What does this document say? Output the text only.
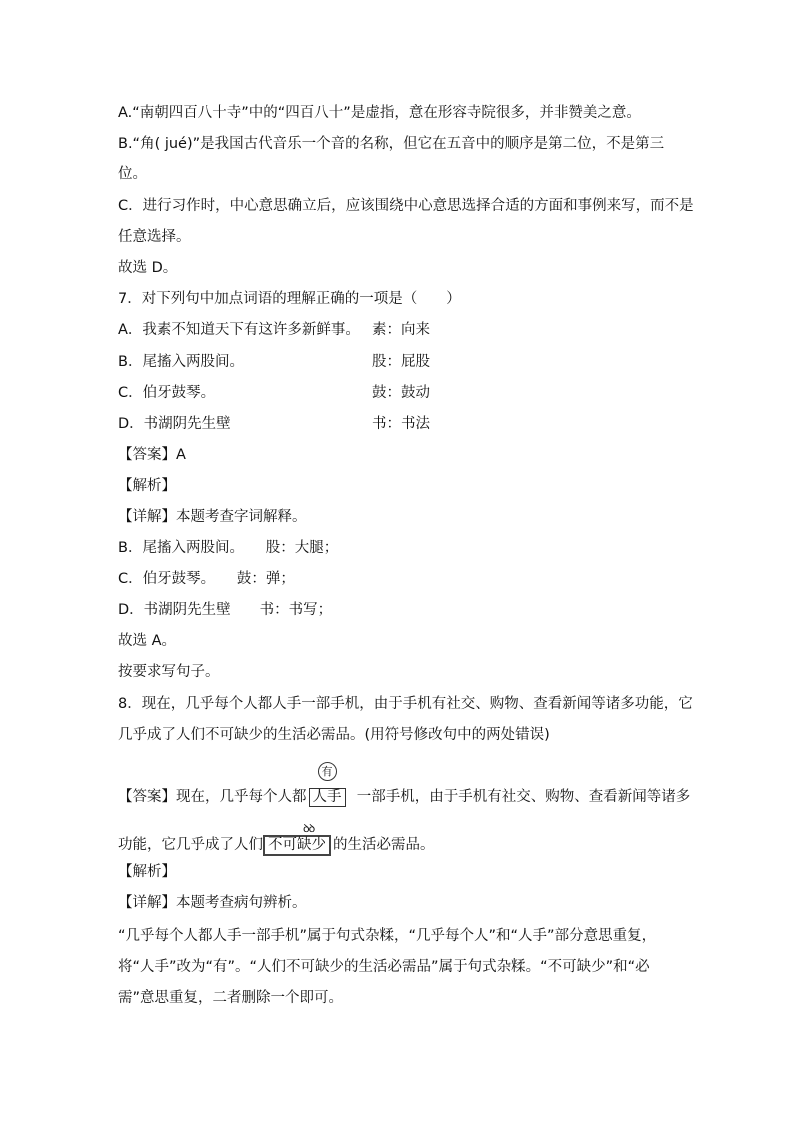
A.“南朝四百八十寺”中的“四百八十”是虚指，意在形容寺院很多，并非赞美之意。
B.“角( jué)”是我国古代音乐一个音的名称，但它在五音中的顺序是第二位，不是第三
位。
C．进行习作时，中心意思确立后，应该围绕中心意思选择合适的方面和事例来写，而不是
任意选择。
故选 D。
7．对下列句中加点词语的理解正确的一项是（　　）
A．我素不知道天下有这许多新鲜事。 素：向来
B．尾搐入两股间。	股：屁股
C．伯牙鼓琴。	鼓：鼓动
D．书湖阴先生壁	书：书法
【答案】A
【解析】
【详解】本题考查字词解释。
B．尾搐入两股间。　　股：大腿；
C．伯牙鼓琴。　　鼓：弹；
D．书湖阴先生壁　　书：书写；
故选 A。
按要求写句子。
8．现在，几乎每个人都人手一部手机，由于手机有社交、购物、查看新闻等诸多功能，它
几乎成了人们不可缺少的生活必需品。(用符号修改句中的两处错误)
【答案】现在，几乎每个人都 人手
有
一部手机，由于手机有社交、购物、查看新闻等诸多
功能，它几乎成了人们 不可缺少
ꝺꝺ
的生活必需品。
【解析】
【详解】本题考查病句辨析。
“几乎每个人都人手一部手机”属于句式杂糅，“几乎每个人”和“人手”部分意思重复，
将“人手”改为“有”。“人们不可缺少的生活必需品”属于句式杂糅。“不可缺少”和“必
需”意思重复，二者删除一个即可。
